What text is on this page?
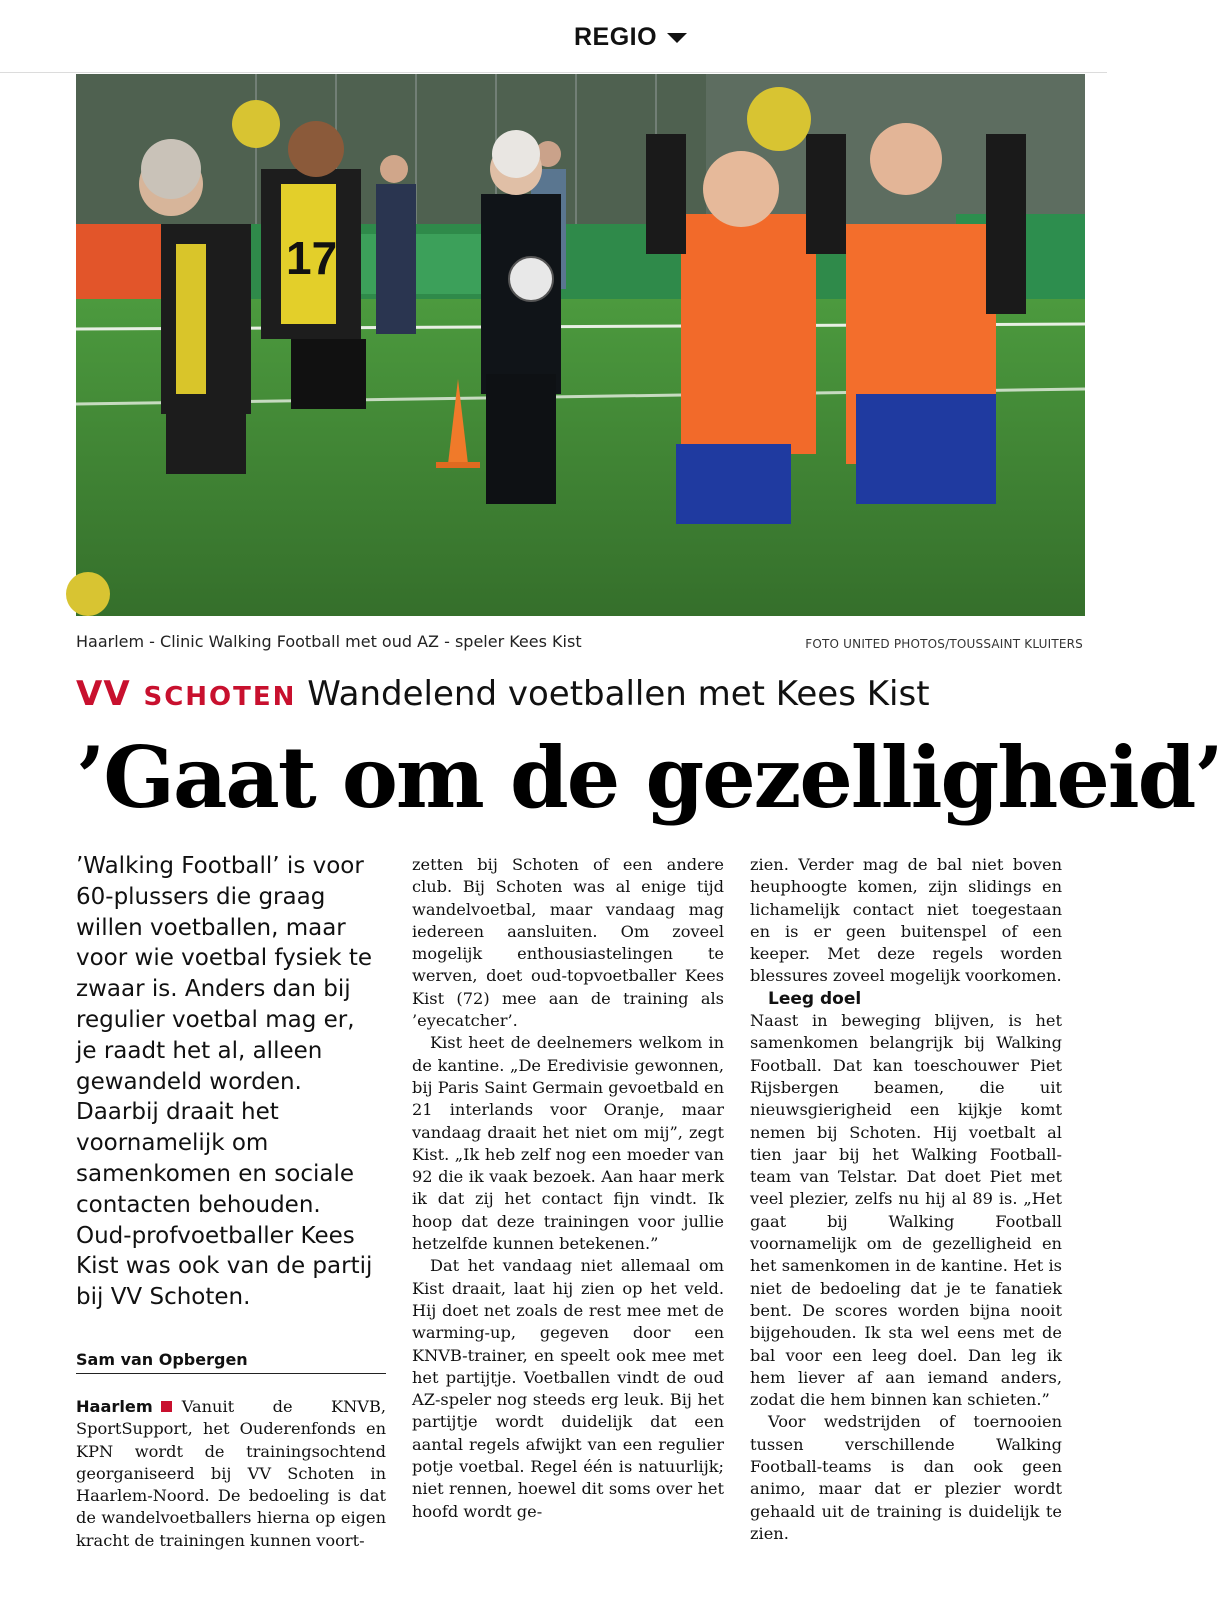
REGIO
17
Haarlem - Clinic Walking Football met oud AZ - speler Kees Kist	FOTO UNITED PHOTOS/TOUSSAINT KLUITERS
VV SCHOTEN Wandelend voetballen met Kees Kist
’Gaat om de gezelligheid’

’Walking Football’ is voor 60-plussers die graag willen voetballen, maar voor wie voetbal fysiek te zwaar is. Anders dan bij regulier voetbal mag er, je raadt het al, alleen gewandeld worden. Daarbij draait het voornamelijk om samenkomen en sociale contacten behouden. Oud-profvoetballer Kees Kist was ook van de partij bij VV Schoten.

Sam van Opbergen

Haarlem Vanuit de KNVB, SportSupport, het Ouderenfonds en KPN wordt de trainingsochtend georganiseerd bij VV Schoten in Haarlem-Noord. De bedoeling is dat de wandelvoetballers hierna op eigen kracht de trainingen kunnen voort-

zetten bij Schoten of een andere club. Bij Schoten was al enige tijd wandelvoetbal, maar vandaag mag iedereen aansluiten. Om zoveel mogelijk enthousiastelingen te werven, doet oud-topvoetballer Kees Kist (72) mee aan de training als ’eyecatcher’.

Kist heet de deelnemers welkom in de kantine. „De Eredivisie gewonnen, bij Paris Saint Germain gevoetbald en 21 interlands voor Oranje, maar vandaag draait het niet om mij”, zegt Kist. „Ik heb zelf nog een moeder van 92 die ik vaak bezoek. Aan haar merk ik dat zij het contact fijn vindt. Ik hoop dat deze trainingen voor jullie hetzelfde kunnen betekenen.”

Dat het vandaag niet allemaal om Kist draait, laat hij zien op het veld. Hij doet net zoals de rest mee met de warming-up, gegeven door een KNVB-trainer, en speelt ook mee met het partijtje. Voetballen vindt de oud AZ-speler nog steeds erg leuk. Bij het partijtje wordt duidelijk dat een aantal regels afwijkt van een regulier potje voetbal. Regel één is natuurlijk; niet rennen, hoewel dit soms over het hoofd wordt ge-

zien. Verder mag de bal niet boven heuphoogte komen, zijn slidings en lichamelijk contact niet toegestaan en is er geen buitenspel of een keeper. Met deze regels worden blessures zoveel mogelijk voorkomen.

Leeg doel

Naast in beweging blijven, is het samenkomen belangrijk bij Walking Football. Dat kan toeschouwer Piet Rijsbergen beamen, die uit nieuwsgierigheid een kijkje komt nemen bij Schoten. Hij voetbalt al tien jaar bij het Walking Football-team van Telstar. Dat doet Piet met veel plezier, zelfs nu hij al 89 is. „Het gaat bij Walking Football voornamelijk om de gezelligheid en het samenkomen in de kantine. Het is niet de bedoeling dat je te fanatiek bent. De scores worden bijna nooit bijgehouden. Ik sta wel eens met de bal voor een leeg doel. Dan leg ik hem liever af aan iemand anders, zodat die hem binnen kan schieten.”

Voor wedstrijden of toernooien tussen verschillende Walking Football-teams is dan ook geen animo, maar dat er plezier wordt gehaald uit de training is duidelijk te zien.
